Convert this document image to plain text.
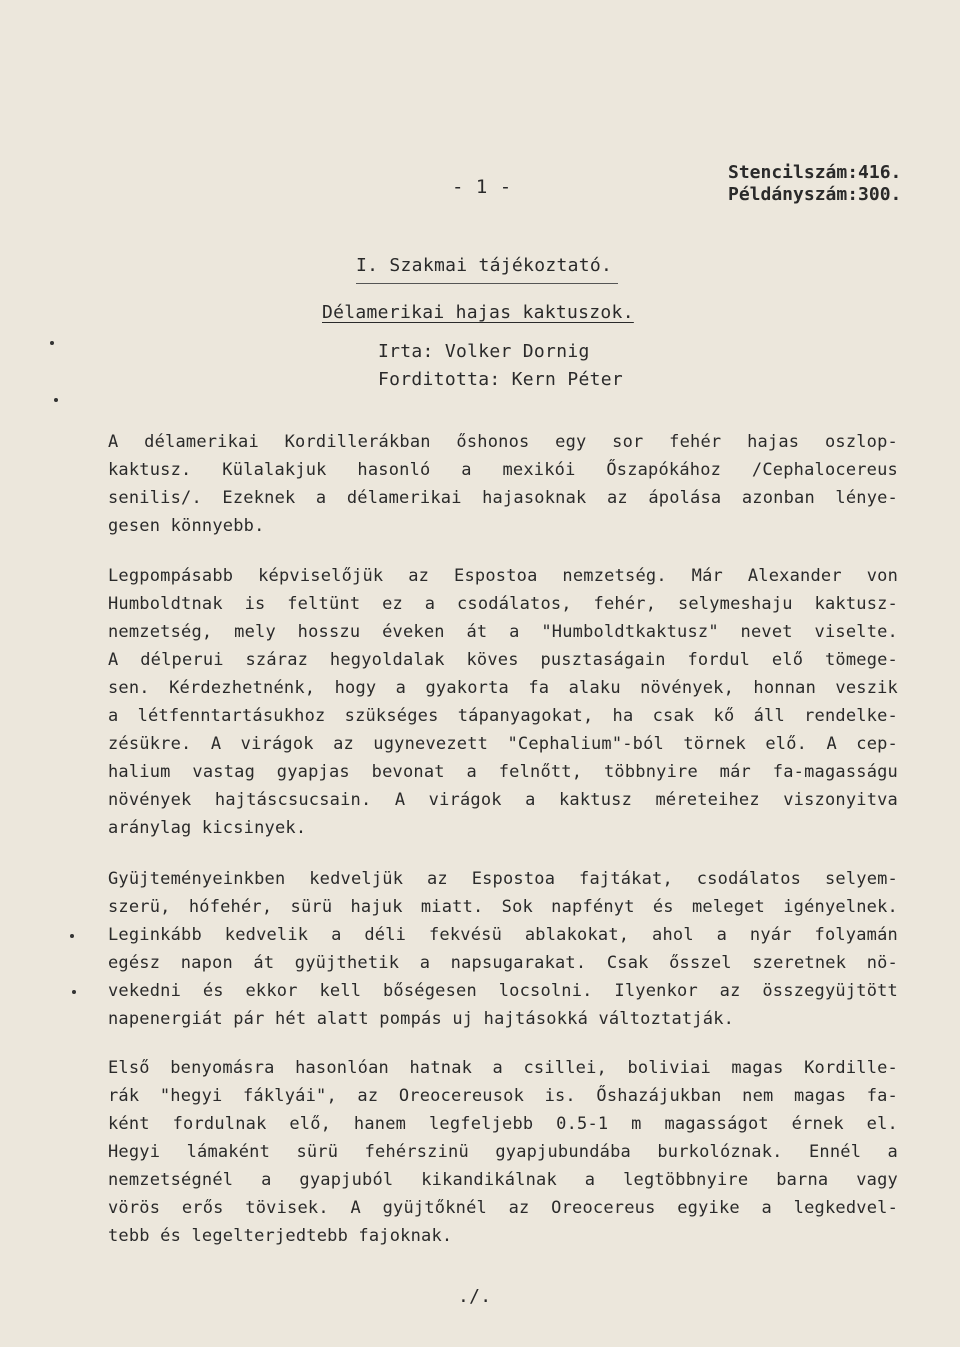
- 1 -
Stencilszám:416.
Példányszám:300.
I. Szakmai tájékoztató.
Délamerikai hajas kaktuszok.
Irta: Volker Dornig
Forditotta: Kern Péter
A délamerikai Kordillerákban őshonos egy sor fehér hajas oszlop-
kaktusz. Külalakjuk hasonló a mexikói Őszapókához /Cephalocereus
senilis/. Ezeknek a délamerikai hajasoknak az ápolása azonban lénye-
gesen könnyebb.
Legpompásabb képviselőjük az Espostoa nemzetség. Már Alexander von
Humboldtnak is feltünt ez a csodálatos, fehér, selymeshaju kaktusz-
nemzetség, mely hosszu éveken át a "Humboldtkaktusz" nevet viselte.
A délperui száraz hegyoldalak köves pusztaságain fordul elő tömege-
sen. Kérdezhetnénk, hogy a gyakorta fa alaku növények, honnan veszik
a létfenntartásukhoz szükséges tápanyagokat, ha csak kő áll rendelke-
zésükre. A virágok az ugynevezett "Cephalium"-ból törnek elő. A cep-
halium vastag gyapjas bevonat a felnőtt, többnyire már fa-magasságu
növények hajtáscsucsain. A virágok a kaktusz méreteihez viszonyitva
aránylag kicsinyek.
Gyüjteményeinkben kedveljük az Espostoa fajtákat, csodálatos selyem-
szerü, hófehér, sürü hajuk miatt. Sok napfényt és meleget igényelnek.
Leginkább kedvelik a déli fekvésü ablakokat, ahol a nyár folyamán
egész napon át gyüjthetik a napsugarakat. Csak ősszel szeretnek nö-
vekedni és ekkor kell bőségesen locsolni. Ilyenkor az összegyüjtött
napenergiát pár hét alatt pompás uj hajtásokká változtatják.
Első benyomásra hasonlóan hatnak a csillei, boliviai magas Kordille-
rák "hegyi fáklyái", az Oreocereusok is. Őshazájukban nem magas fa-
ként fordulnak elő, hanem legfeljebb 0.5-1 m magasságot érnek el.
Hegyi lámaként sürü fehérszinü gyapjubundába burkolóznak. Ennél a
nemzetségnél a gyapjuból kikandikálnak a legtöbbnyire barna vagy
vörös erős tövisek. A gyüjtőknél az Oreocereus egyike a legkedvel-
tebb és legelterjedtebb fajoknak.
./.
